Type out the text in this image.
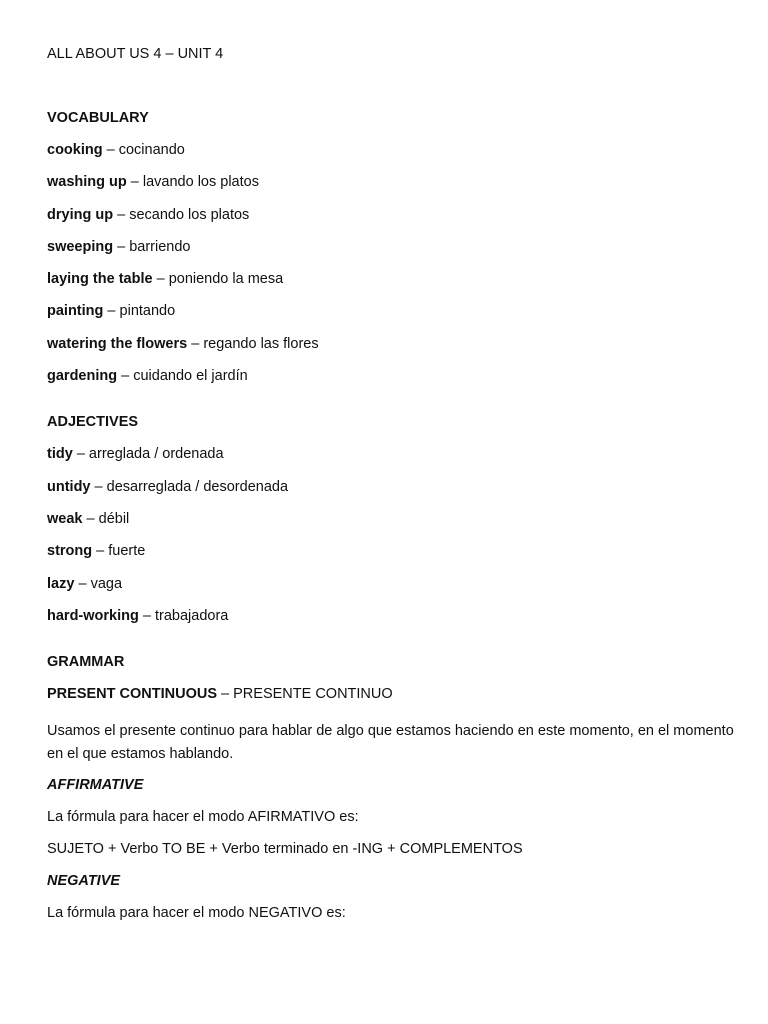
ALL ABOUT US 4 – UNIT 4

VOCABULARY

cooking – cocinando
washing up – lavando los platos
drying up – secando los platos
sweeping – barriendo
laying the table – poniendo la mesa
painting – pintando
watering the flowers – regando las flores
gardening – cuidando el jardín

ADJECTIVES

tidy – arreglada / ordenada
untidy – desarreglada / desordenada
weak – débil
strong – fuerte
lazy – vaga
hard-working – trabajadora

GRAMMAR

PRESENT CONTINUOUS – PRESENTE CONTINUO

Usamos el presente continuo para hablar de algo que estamos haciendo en este momento, en el momento en el que estamos hablando.

AFFIRMATIVE

La fórmula para hacer el modo AFIRMATIVO es:

SUJETO + Verbo TO BE + Verbo terminado en -ING + COMPLEMENTOS

NEGATIVE

La fórmula para hacer el modo NEGATIVO es:
